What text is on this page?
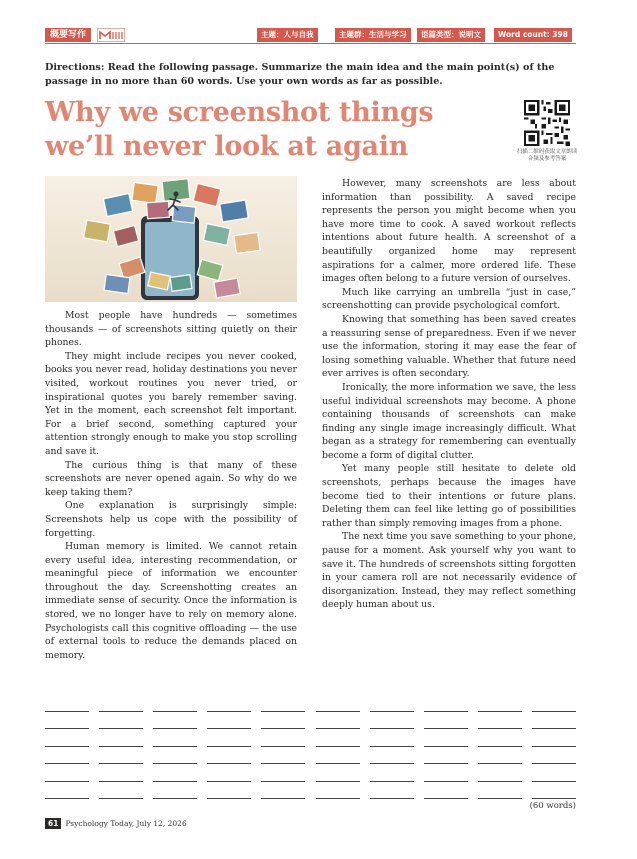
概要写作	主题：人与自我	主题群：生活与学习	语篇类型：说明文	Word count: 398
Directions: Read the following passage. Summarize the main idea and the main point(s) of the passage in no more than 60 words. Use your own words as far as possible.
Why we screenshot things
we’ll never look at again	扫描二维码获取文章朗读音频及参考答案

Most people have hundreds — sometimes thousands — of screenshots sitting quietly on their phones.

They might include recipes you never cooked, books you never read, holiday destinations you never visited, workout routines you never tried, or inspirational quotes you barely remember saving. Yet in the moment, each screenshot felt important. For a brief second, something captured your attention strongly enough to make you stop scrolling and save it.

The curious thing is that many of these screenshots are never opened again. So why do we keep taking them?

One explanation is surprisingly simple: Screenshots help us cope with the possibility of forgetting.

Human memory is limited. We cannot retain every useful idea, interesting recommendation, or meaningful piece of information we encounter throughout the day. Screenshotting creates an immediate sense of security. Once the information is stored, we no longer have to rely on memory alone. Psychologists call this cognitive offloading — the use of external tools to reduce the demands placed on memory.

However, many screenshots are less about information than possibility. A saved recipe represents the person you might become when you have more time to cook. A saved workout reflects intentions about future health. A screenshot of a beautifully organized home may represent aspirations for a calmer, more ordered life. These images often belong to a future version of ourselves.

Much like carrying an umbrella “just in case,” screenshotting can provide psychological comfort.

Knowing that something has been saved creates a reassuring sense of preparedness. Even if we never use the information, storing it may ease the fear of losing something valuable. Whether that future need ever arrives is often secondary.

Ironically, the more information we save, the less useful individual screenshots may become. A phone containing thousands of screenshots can make finding any single image increasingly difficult. What began as a strategy for remembering can eventually become a form of digital clutter.

Yet many people still hesitate to delete old screenshots, perhaps because the images have become tied to their intentions or future plans. Deleting them can feel like letting go of possibilities rather than simply removing images from a phone.

The next time you save something to your phone, pause for a moment. Ask yourself why you want to save it. The hundreds of screenshots sitting forgotten in your camera roll are not necessarily evidence of disorganization. Instead, they may reflect something deeply human about us.

(60 words)
61 Psychology Today, July 12, 2026
